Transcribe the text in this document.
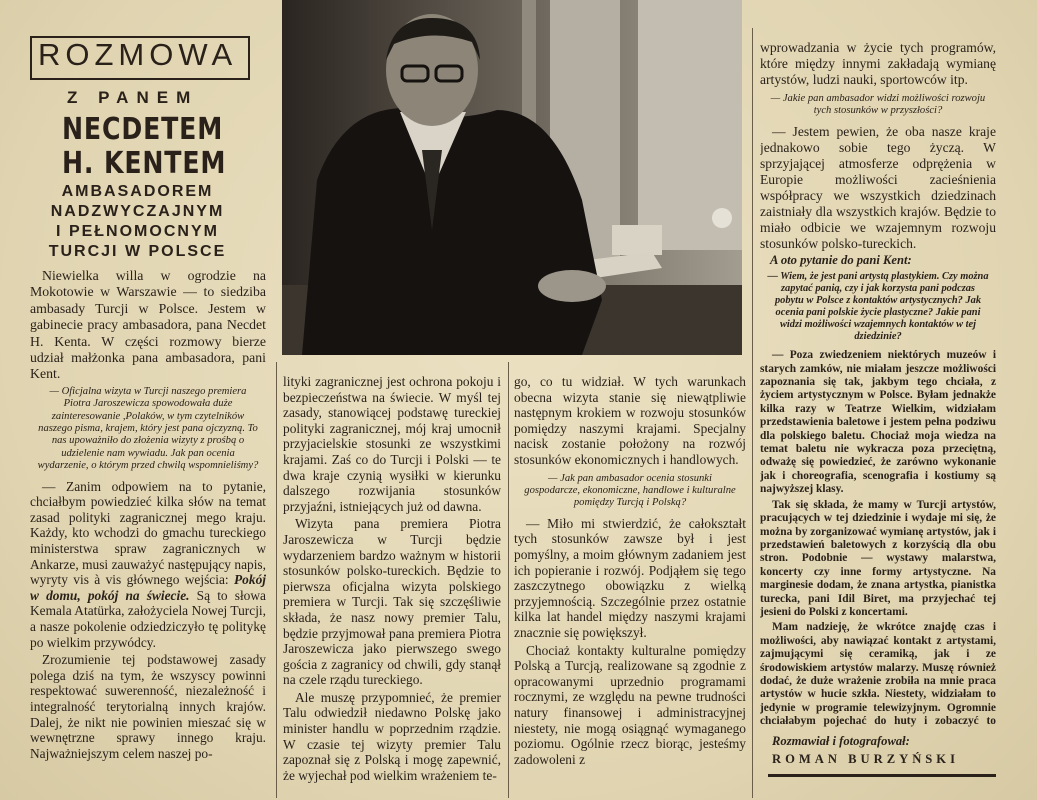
ROZMOWA
Z PANEM
NECDETEM
H. KENTEM
AMBASADOREM
NADZWYCZAJNYM
I PEŁNOMOCNYM
TURCJI W POLSCE

Niewielka willa w ogrodzie na Mokotowie w Warszawie — to siedziba ambasady Turcji w Polsce. Jestem w gabinecie pracy ambasadora, pana Necdet H. Kenta. W części rozmowy bierze udział małżonka pana ambasadora, pani Kent.

— Oficjalna wizyta w Turcji naszego premiera Piotra Jaroszewicza spowodowała duże zainteresowanie ,Polaków, w tym czytelników naszego pisma, krajem, który jest pana ojczyzną. To nas upoważniło do złożenia wizyty z prośbą o udzielenie nam wywiadu. Jak pan ocenia wydarzenie, o którym przed chwilą wspomnieliśmy?

— Zanim odpowiem na to pytanie, chciałbym powiedzieć kilka słów na temat zasad polityki zagranicznej mego kraju. Każdy, kto wchodzi do gmachu tureckiego ministerstwa spraw zagranicznych w Ankarze, musi zauważyć następujący napis, wyryty vis à vis głównego wejścia: Pokój w domu, pokój na świecie. Są to słowa Kemala Atatürka, założyciela Nowej Turcji, a nasze pokolenie odziedziczyło tę politykę po wielkim przywódcy.

Zrozumienie tej podstawowej zasady polega dziś na tym, że wszyscy powinni respektować suwerenność, niezależność i integralność terytorialną innych krajów. Dalej, że nikt nie powinien mieszać się w wewnętrzne sprawy innego kraju. Najważniejszym celem naszej po-

lityki zagranicznej jest ochrona pokoju i bezpieczeństwa na świecie. W myśl tej zasady, stanowiącej podstawę tureckiej polityki zagranicznej, mój kraj umocnił przyjacielskie stosunki ze wszystkimi krajami. Zaś co do Turcji i Polski — te dwa kraje czynią wysiłki w kierunku dalszego rozwijania stosunków przyjaźni, istniejących już od dawna.

Wizyta pana premiera Piotra Jaroszewicza w Turcji będzie wydarzeniem bardzo ważnym w historii stosunków polsko-tureckich. Będzie to pierwsza oficjalna wizyta polskiego premiera w Turcji. Tak się szczęśliwie składa, że nasz nowy premier Talu, będzie przyjmował pana premiera Piotra Jaroszewicza jako pierwszego swego gościa z zagranicy od chwili, gdy stanął na czele rządu tureckiego.

Ale muszę przypomnieć, że premier Talu odwiedził niedawno Polskę jako minister handlu w poprzednim rządzie. W czasie tej wizyty premier Talu zapoznał się z Polską i mogę zapewnić, że wyjechał pod wielkim wrażeniem te-

go, co tu widział. W tych warunkach obecna wizyta stanie się niewątpliwie następnym krokiem w rozwoju stosunków pomiędzy naszymi krajami. Specjalny nacisk zostanie położony na rozwój stosunków ekonomicznych i handlowych.

— Jak pan ambasador ocenia stosunki gospodarcze, ekonomiczne, handlowe i kulturalne pomiędzy Turcją i Polską?

— Miło mi stwierdzić, że całokształt tych stosunków zawsze był i jest pomyślny, a moim głównym zadaniem jest ich popieranie i rozwój. Podjąłem się tego zaszczytnego obowiązku z wielką przyjemnością. Szczególnie przez ostatnie kilka lat handel między naszymi krajami znacznie się powiększył.

Chociaż kontakty kulturalne pomiędzy Polską a Turcją, realizowane są zgodnie z opracowanymi uprzednio programami rocznymi, ze względu na pewne trudności natury finansowej i administracyjnej niestety, nie mogą osiągnąć wymaganego poziomu. Ogólnie rzecz biorąc, jesteśmy zadowoleni z

wprowadzania w życie tych programów, które między innymi zakładają wymianę artystów, ludzi nauki, sportowców itp.

— Jakie pan ambasador widzi możliwości rozwoju tych stosunków w przyszłości?

— Jestem pewien, że oba nasze kraje jednakowo sobie tego życzą. W sprzyjającej atmosferze odprężenia w Europie możliwości zacieśnienia współpracy we wszystkich dziedzinach zaistniały dla wszystkich krajów. Będzie to miało odbicie we wzajemnym rozwoju stosunków polsko-tureckich.

A oto pytanie do pani Kent:

— Wiem, że jest pani artystą plastykiem. Czy można zapytać panią, czy i jak korzysta pani podczas pobytu w Polsce z kontaktów artystycznych? Jak ocenia pani polskie życie plastyczne? Jakie pani widzi możliwości wzajemnych kontaktów w tej dziedzinie?

— Poza zwiedzeniem niektórych muzeów i starych zamków, nie miałam jeszcze możliwości zapoznania się tak, jakbym tego chciała, z życiem artystycznym w Polsce. Byłam jednakże kilka razy w Teatrze Wielkim, widziałam przedstawienia baletowe i jestem pełna podziwu dla polskiego baletu. Chociaż moja wiedza na temat baletu nie wykracza poza przeciętną, odważę się powiedzieć, że zarówno wykonanie jak i choreografia, scenografia i kostiumy są najwyższej klasy.

Tak się składa, że mamy w Turcji artystów, pracujących w tej dziedzinie i wydaje mi się, że można by zorganizować wymianę artystów, jak i przedstawień baletowych z korzyścią dla obu stron. Podobnie — wystawy malarstwa, koncerty czy inne formy artystyczne. Na marginesie dodam, że znana artystka, pianistka turecka, pani Idil Biret, ma przyjechać tej jesieni do Polski z koncertami.

Mam nadzieję, że wkrótce znajdę czas i możliwości, aby nawiązać kontakt z artystami, zajmującymi się ceramiką, jak i ze środowiskiem artystów malarzy. Muszę również dodać, że duże wrażenie zrobiła na mnie praca artystów w hucie szkła. Niestety, widziałam to jedynie w programie telewizyjnym. Ogromnie chciałabym pojechać do huty i zobaczyć to

Rozmawiał i fotografował:
ROMAN BURZYŃSKI
